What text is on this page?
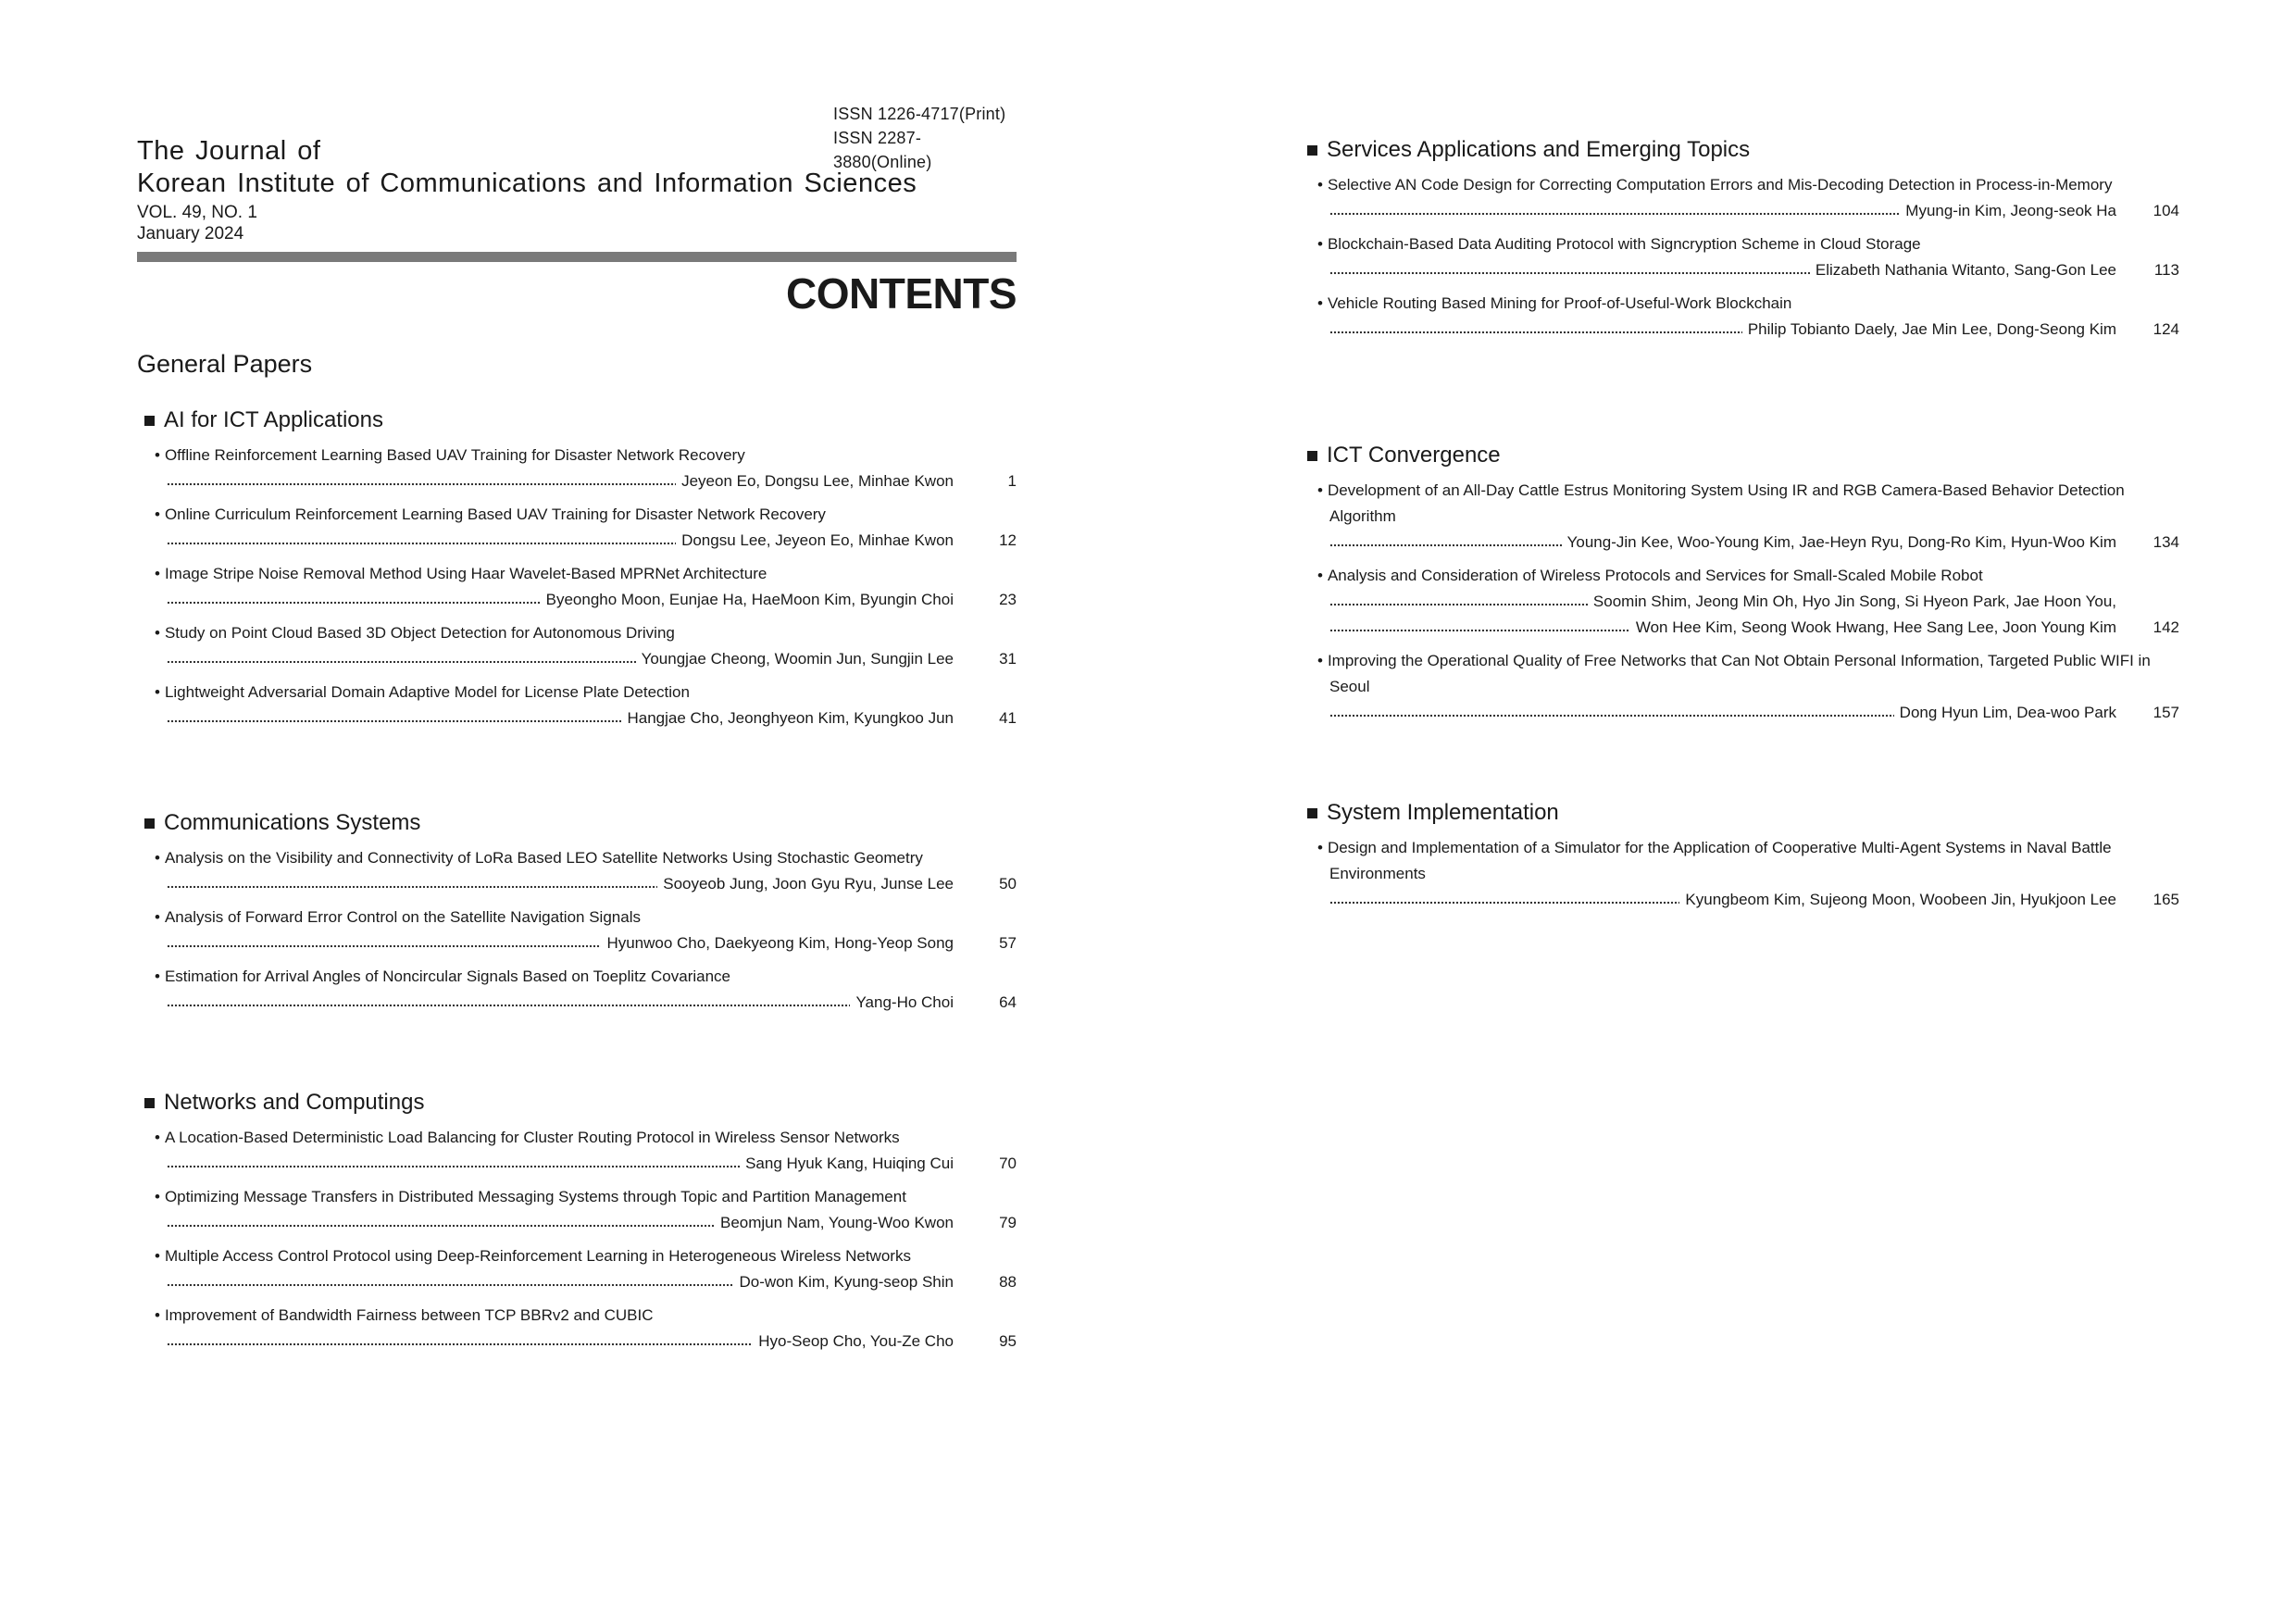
ISSN 1226-4717(Print)
ISSN 2287-3880(Online)
The Journal of
Korean Institute of Communications and Information Sciences
VOL. 49, NO. 1
January 2024
CONTENTS
General Papers
AI for ICT Applications
• Offline Reinforcement Learning Based UAV Training for Disaster Network Recovery
Jeyeon Eo, Dongsu Lee, Minhae Kwon	1
• Online Curriculum Reinforcement Learning Based UAV Training for Disaster Network Recovery
Dongsu Lee, Jeyeon Eo, Minhae Kwon	12
• Image Stripe Noise Removal Method Using Haar Wavelet-Based MPRNet Architecture
Byeongho Moon, Eunjae Ha, HaeMoon Kim, Byungin Choi	23
• Study on Point Cloud Based 3D Object Detection for Autonomous Driving
Youngjae Cheong, Woomin Jun, Sungjin Lee	31
• Lightweight Adversarial Domain Adaptive Model for License Plate Detection
Hangjae Cho, Jeonghyeon Kim, Kyungkoo Jun	41
Communications Systems
• Analysis on the Visibility and Connectivity of LoRa Based LEO Satellite Networks Using Stochastic Geometry
Sooyeob Jung, Joon Gyu Ryu, Junse Lee	50
• Analysis of Forward Error Control on the Satellite Navigation Signals
Hyunwoo Cho, Daekyeong Kim, Hong-Yeop Song	57
• Estimation for Arrival Angles of Noncircular Signals Based on Toeplitz Covariance
Yang-Ho Choi	64
Networks and Computings
• A Location-Based Deterministic Load Balancing for Cluster Routing Protocol in Wireless Sensor Networks
Sang Hyuk Kang, Huiqing Cui	70
• Optimizing Message Transfers in Distributed Messaging Systems through Topic and Partition Management
Beomjun Nam, Young-Woo Kwon	79
• Multiple Access Control Protocol using Deep-Reinforcement Learning in Heterogeneous Wireless Networks
Do-won Kim, Kyung-seop Shin	88
• Improvement of Bandwidth Fairness between TCP BBRv2 and CUBIC
Hyo-Seop Cho, You-Ze Cho	95
Services Applications and Emerging Topics
• Selective AN Code Design for Correcting Computation Errors and Mis-Decoding Detection in Process-in-Memory
Myung-in Kim, Jeong-seok Ha	104
• Blockchain-Based Data Auditing Protocol with Signcryption Scheme in Cloud Storage
Elizabeth Nathania Witanto, Sang-Gon Lee	113
• Vehicle Routing Based Mining for Proof-of-Useful-Work Blockchain
Philip Tobianto Daely, Jae Min Lee, Dong-Seong Kim	124
ICT Convergence
• Development of an All-Day Cattle Estrus Monitoring System Using IR and RGB Camera-Based Behavior Detection Algorithm
Young-Jin Kee, Woo-Young Kim, Jae-Heyn Ryu, Dong-Ro Kim, Hyun-Woo Kim	134
• Analysis and Consideration of Wireless Protocols and Services for Small-Scaled Mobile Robot
Soomin Shim, Jeong Min Oh, Hyo Jin Song, Si Hyeon Park, Jae Hoon You,
Won Hee Kim, Seong Wook Hwang, Hee Sang Lee, Joon Young Kim	142
• Improving the Operational Quality of Free Networks that Can Not Obtain Personal Information, Targeted Public WIFI in Seoul
Dong Hyun Lim, Dea-woo Park	157
System Implementation
• Design and Implementation of a Simulator for the Application of Cooperative Multi-Agent Systems in Naval Battle Environments
Kyungbeom Kim, Sujeong Moon, Woobeen Jin, Hyukjoon Lee	165
